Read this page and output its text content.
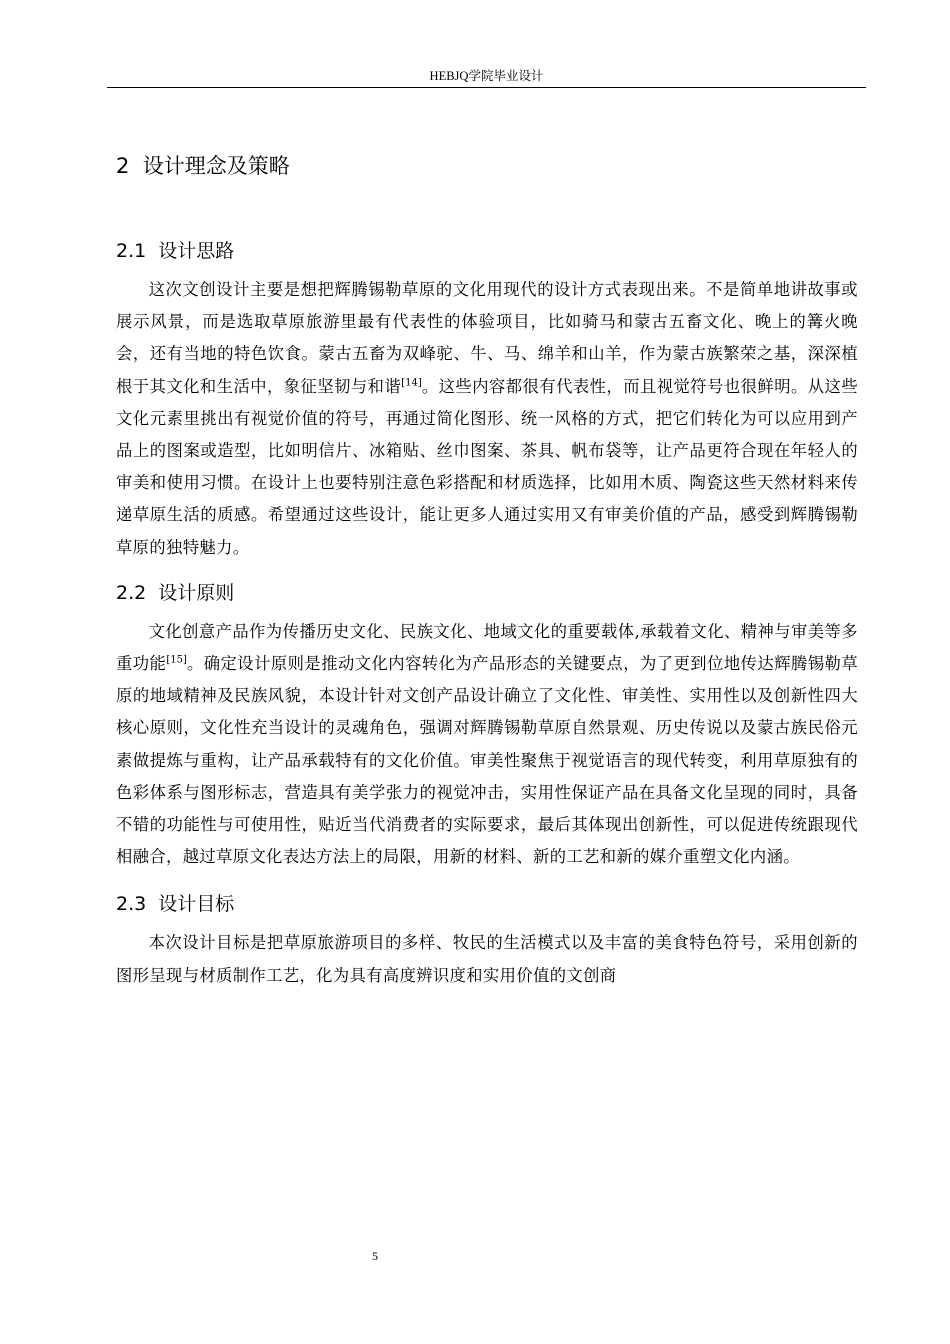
HEBJQ学院毕业设计
2 设计理念及策略
2.1 设计思路

这次文创设计主要是想把辉腾锡勒草原的文化用现代的设计方式表现出来。不是简单地讲故事或展示风景，而是选取草原旅游里最有代表性的体验项目，比如骑马和蒙古五畜文化、晚上的篝火晚会，还有当地的特色饮食。蒙古五畜为双峰驼、牛、马、绵羊和山羊，作为蒙古族繁荣之基，深深植根于其文化和生活中，象征坚韧与和谐[14]。这些内容都很有代表性，而且视觉符号也很鲜明。从这些文化元素里挑出有视觉价值的符号，再通过简化图形、统一风格的方式，把它们转化为可以应用到产品上的图案或造型，比如明信片、冰箱贴、丝巾图案、茶具、帆布袋等，让产品更符合现在年轻人的审美和使用习惯。在设计上也要特别注意色彩搭配和材质选择，比如用木质、陶瓷这些天然材料来传递草原生活的质感。希望通过这些设计，能让更多人通过实用又有审美价值的产品，感受到辉腾锡勒草原的独特魅力。

2.2 设计原则

文化创意产品作为传播历史文化、民族文化、地域文化的重要载体,承载着文化、精神与审美等多重功能[15]。确定设计原则是推动文化内容转化为产品形态的关键要点，为了更到位地传达辉腾锡勒草原的地域精神及民族风貌，本设计针对文创产品设计确立了文化性、审美性、实用性以及创新性四大核心原则，文化性充当设计的灵魂角色，强调对辉腾锡勒草原自然景观、历史传说以及蒙古族民俗元素做提炼与重构，让产品承载特有的文化价值。审美性聚焦于视觉语言的现代转变，利用草原独有的色彩体系与图形标志，营造具有美学张力的视觉冲击，实用性保证产品在具备文化呈现的同时，具备不错的功能性与可使用性，贴近当代消费者的实际要求，最后其体现出创新性，可以促进传统跟现代相融合，越过草原文化表达方法上的局限，用新的材料、新的工艺和新的媒介重塑文化内涵。

2.3 设计目标

本次设计目标是把草原旅游项目的多样、牧民的生活模式以及丰富的美食特色符号，采用创新的图形呈现与材质制作工艺，化为具有高度辨识度和实用价值的文创商

5
